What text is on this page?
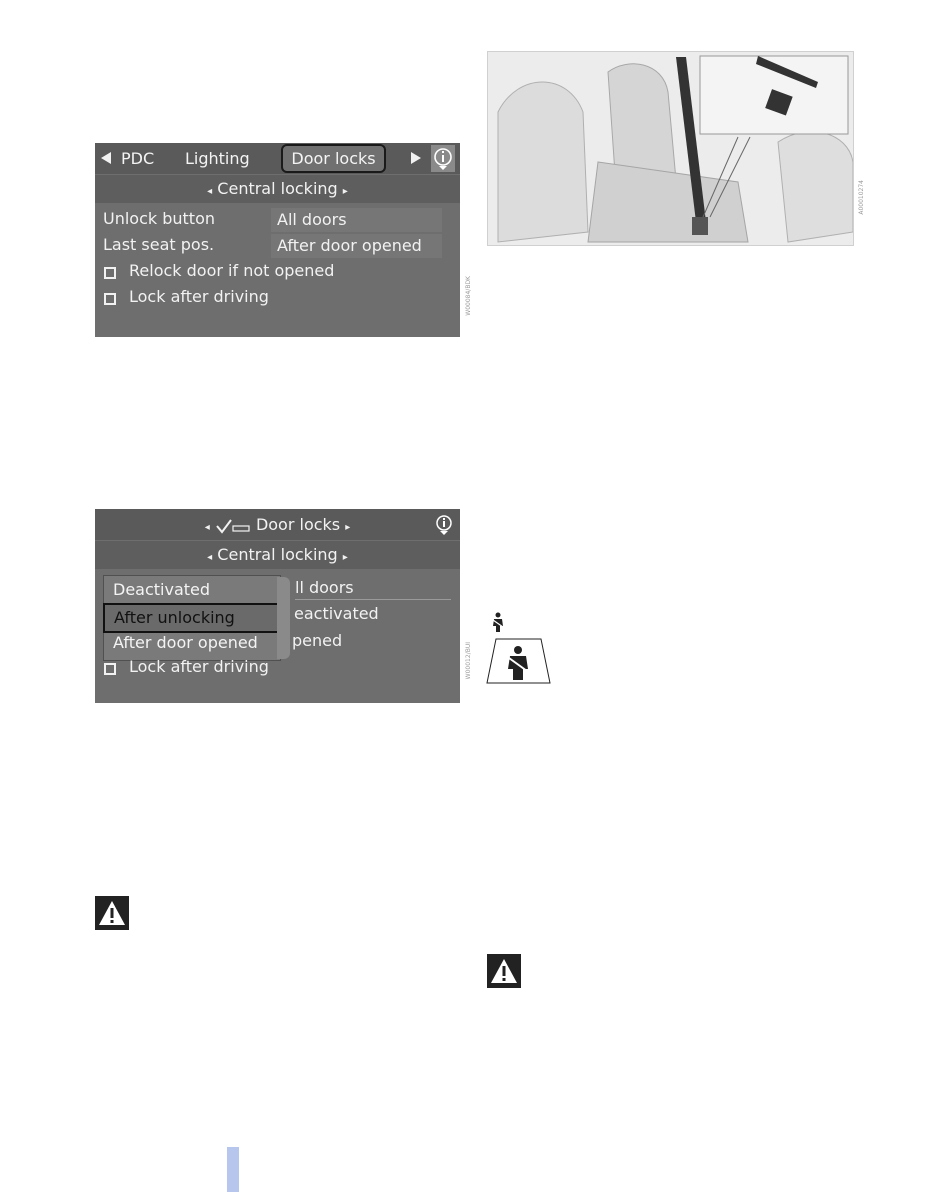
PDC Lighting	Door locks
◂ Central locking ▸
Unlock button	All doors
Last seat pos.	After door opened
Relock door if not opened
Lock after driving	W00084/BDK
◂	Door locks ▸
◂ Central locking ▸
ll doors
eactivated
pened
Deactivated
After unlocking
After door opened
Lock after driving	W00012/BUI
A00010274
